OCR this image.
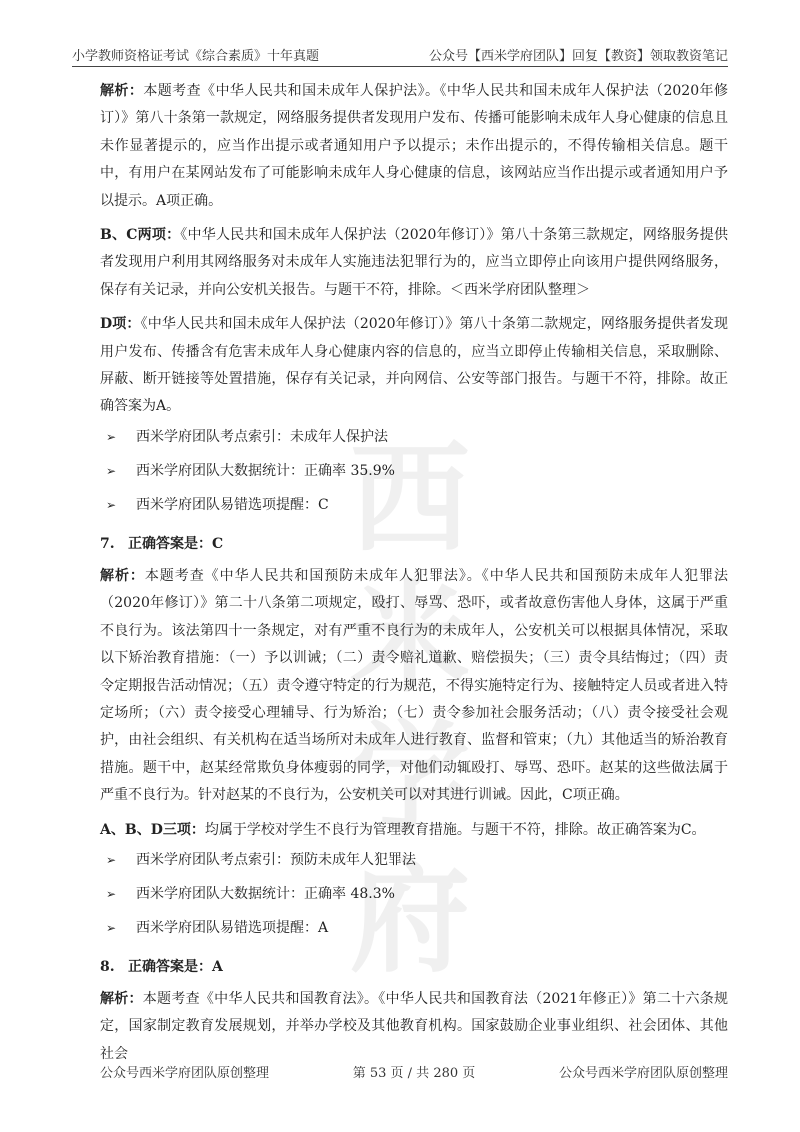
小学教师资格证考试《综合素质》十年真题	公众号【西米学府团队】回复【教资】领取教资笔记
西米
学府

解析：本题考查《中华人民共和国未成年人保护法》。《中华人民共和国未成年人保护法（2020年修订）》第八十条第一款规定，网络服务提供者发现用户发布、传播可能影响未成年人身心健康的信息且未作显著提示的，应当作出提示或者通知用户予以提示；未作出提示的，不得传输相关信息。题干中，有用户在某网站发布了可能影响未成年人身心健康的信息，该网站应当作出提示或者通知用户予以提示。A项正确。

B、C两项：《中华人民共和国未成年人保护法（2020年修订）》第八十条第三款规定，网络服务提供者发现用户利用其网络服务对未成年人实施违法犯罪行为的，应当立即停止向该用户提供网络服务，保存有关记录，并向公安机关报告。与题干不符，排除。＜西米学府团队整理＞

D项：《中华人民共和国未成年人保护法（2020年修订）》第八十条第二款规定，网络服务提供者发现用户发布、传播含有危害未成年人身心健康内容的信息的，应当立即停止传输相关信息，采取删除、屏蔽、断开链接等处置措施，保存有关记录，并向网信、公安等部门报告。与题干不符，排除。故正确答案为A。

➢	西米学府团队考点索引：未成年人保护法
➢	西米学府团队大数据统计：正确率 35.9%
➢	西米学府团队易错选项提醒：C
7. 正确答案是：C

解析：本题考查《中华人民共和国预防未成年人犯罪法》。《中华人民共和国预防未成年人犯罪法（2020年修订）》第二十八条第二项规定，殴打、辱骂、恐吓，或者故意伤害他人身体，这属于严重不良行为。该法第四十一条规定，对有严重不良行为的未成年人，公安机关可以根据具体情况，采取以下矫治教育措施：（一）予以训诫；（二）责令赔礼道歉、赔偿损失；（三）责令具结悔过；（四）责令定期报告活动情况；（五）责令遵守特定的行为规范，不得实施特定行为、接触特定人员或者进入特定场所；（六）责令接受心理辅导、行为矫治；（七）责令参加社会服务活动；（八）责令接受社会观护，由社会组织、有关机构在适当场所对未成年人进行教育、监督和管束；（九）其他适当的矫治教育措施。题干中，赵某经常欺负身体瘦弱的同学，对他们动辄殴打、辱骂、恐吓。赵某的这些做法属于严重不良行为。针对赵某的不良行为，公安机关可以对其进行训诫。因此，C项正确。

A、B、D三项：均属于学校对学生不良行为管理教育措施。与题干不符，排除。故正确答案为C。

➢	西米学府团队考点索引：预防未成年人犯罪法
➢	西米学府团队大数据统计：正确率 48.3%
➢	西米学府团队易错选项提醒：A
8. 正确答案是：A

解析：本题考查《中华人民共和国教育法》。《中华人民共和国教育法（2021年修正）》第二十六条规定，国家制定教育发展规划，并举办学校及其他教育机构。国家鼓励企业事业组织、社会团体、其他社会

公众号西米学府团队原创整理	第 53 页 / 共 280 页	公众号西米学府团队原创整理
